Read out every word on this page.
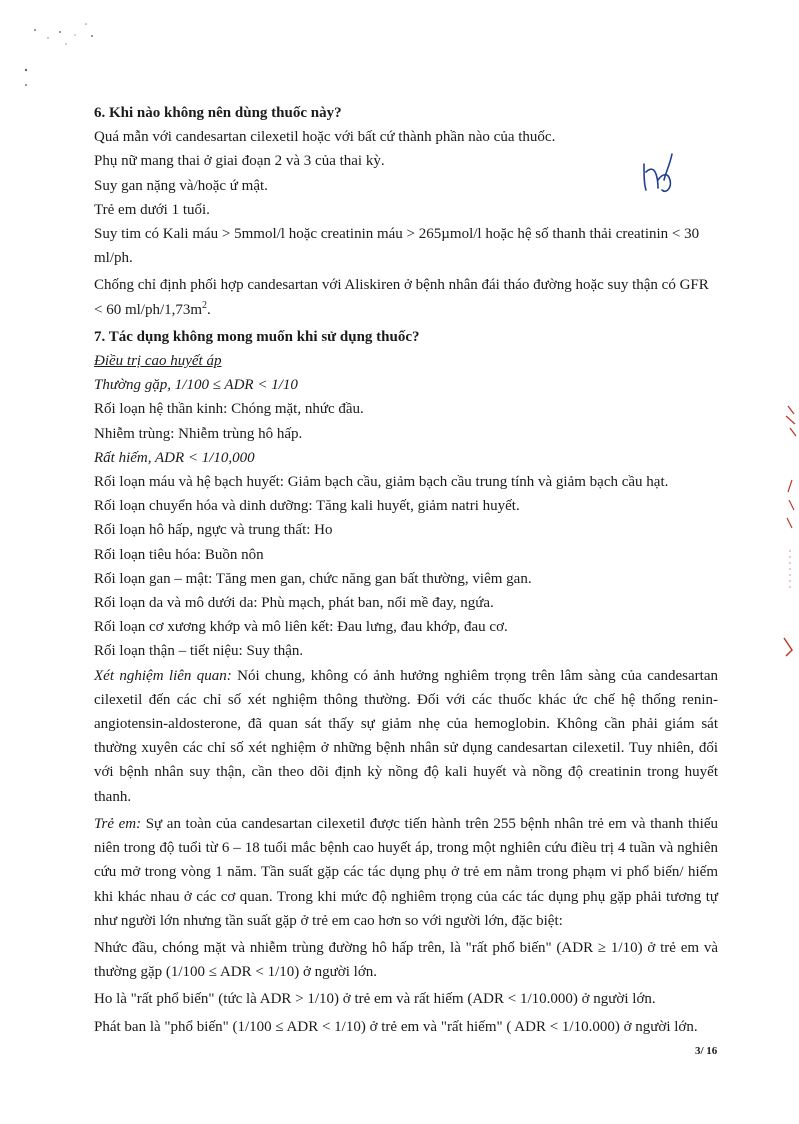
6. Khi nào không nên dùng thuốc này?

Quá mẫn với candesartan cilexetil hoặc với bất cứ thành phần nào của thuốc.

Phụ nữ mang thai ở giai đoạn 2 và 3 của thai kỳ.

Suy gan nặng và/hoặc ứ mật.

Trẻ em dưới 1 tuổi.

Suy tim có Kali máu > 5mmol/l hoặc creatinin máu > 265µmol/l hoặc hệ số thanh thải creatinin < 30 ml/ph.

Chống chỉ định phối hợp candesartan với Aliskiren ở bệnh nhân đái tháo đường hoặc suy thận có GFR < 60 $ml/ph/1,73m^2$.

7. Tác dụng không mong muốn khi sử dụng thuốc?

Điều trị cao huyết áp

Thường gặp, 1/100 ≤ ADR < 1/10

Rối loạn hệ thần kinh: Chóng mặt, nhức đầu.

Nhiễm trùng: Nhiễm trùng hô hấp.

Rất hiếm, ADR < 1/10,000

Rối loạn máu và hệ bạch huyết: Giảm bạch cầu, giảm bạch cầu trung tính và giảm bạch cầu hạt.

Rối loạn chuyển hóa và dinh dưỡng: Tăng kali huyết, giảm natri huyết.

Rối loạn hô hấp, ngực và trung thất: Ho

Rối loạn tiêu hóa: Buồn nôn

Rối loạn gan – mật: Tăng men gan, chức năng gan bất thường, viêm gan.

Rối loạn da và mô dưới da: Phù mạch, phát ban, nổi mề đay, ngứa.

Rối loạn cơ xương khớp và mô liên kết: Đau lưng, đau khớp, đau cơ.

Rối loạn thận – tiết niệu: Suy thận.

Xét nghiệm liên quan: Nói chung, không có ảnh hưởng nghiêm trọng trên lâm sàng của candesartan cilexetil đến các chỉ số xét nghiệm thông thường. Đối với các thuốc khác ức chế hệ thống renin-angiotensin-aldosterone, đã quan sát thấy sự giảm nhẹ của hemoglobin. Không cần phải giám sát thường xuyên các chỉ số xét nghiệm ở những bệnh nhân sử dụng candesartan cilexetil. Tuy nhiên, đối với bệnh nhân suy thận, cần theo dõi định kỳ nồng độ kali huyết và nồng độ creatinin trong huyết thanh.

Trẻ em: Sự an toàn của candesartan cilexetil được tiến hành trên 255 bệnh nhân trẻ em và thanh thiếu niên trong độ tuổi từ 6 – 18 tuổi mắc bệnh cao huyết áp, trong một nghiên cứu điều trị 4 tuần và nghiên cứu mở trong vòng 1 năm. Tần suất gặp các tác dụng phụ ở trẻ em nằm trong phạm vi phổ biến/ hiếm khi khác nhau ở các cơ quan. Trong khi mức độ nghiêm trọng của các tác dụng phụ gặp phải tương tự như người lớn nhưng tần suất gặp ở trẻ em cao hơn so với người lớn, đặc biệt:

Nhức đầu, chóng mặt và nhiễm trùng đường hô hấp trên, là "rất phổ biến" (ADR ≥ 1/10) ở trẻ em và thường gặp (1/100 ≤ ADR < 1/10) ở người lớn.

Ho là "rất phổ biến" (tức là ADR > 1/10) ở trẻ em và rất hiếm (ADR < 1/10.000) ở người lớn.

Phát ban là "phổ biến" (1/100 ≤ ADR < 1/10) ở trẻ em và "rất hiếm" ( ADR < 1/10.000) ở người lớn.

3/ 16
